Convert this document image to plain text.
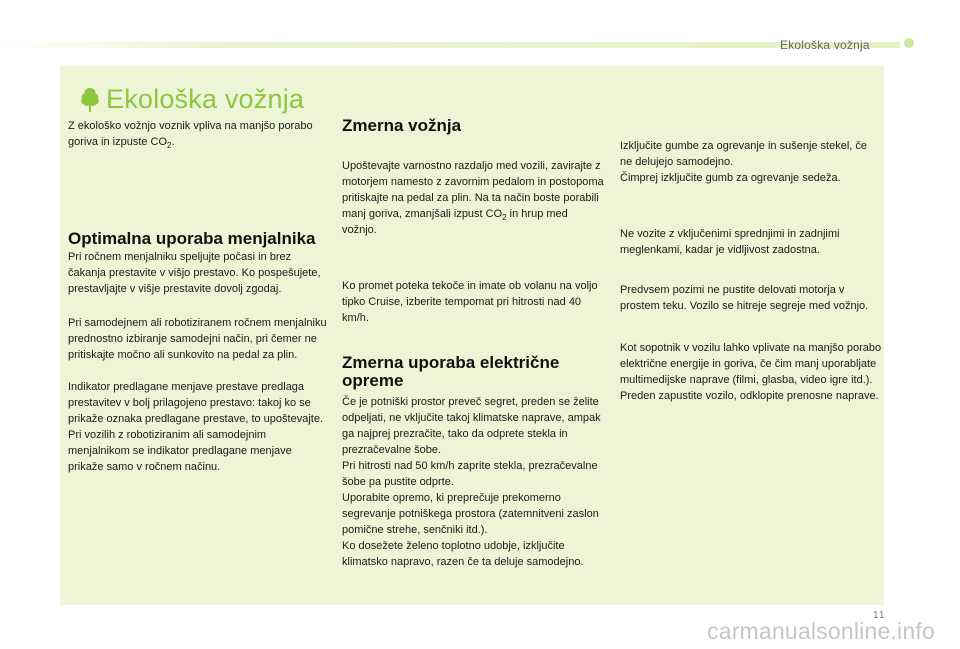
Ekološka vožnja
Ekološka vožnja

Z ekološko vožnjo voznik vpliva na manjšo porabo goriva in izpuste $CO_2$.

Optimalna uporaba menjalnika

Pri ročnem menjalniku speljujte počasi in brez čakanja prestavite v višjo prestavo. Ko pospešujete, prestavljajte v višje prestavite dovolj zgodaj.

Pri samodejnem ali robotiziranem ročnem menjalniku prednostno izbiranje samodejni način, pri čemer ne pritiskajte močno ali sunkovito na pedal za plin.

Indikator predlagane menjave prestave predlaga prestavitev v bolj prilagojeno prestavo: takoj ko se prikaže oznaka predlagane prestave, to upoštevajte.

Pri vozilih z robotiziranim ali samodejnim menjalnikom se indikator predlagane menjave prikaže samo v ročnem načinu.

Zmerna vožnja

Upoštevajte varnostno razdaljo med vozili, zavirajte z motorjem namesto z zavornim pedalom in postopoma pritiskajte na pedal za plin. Na ta način boste porabili manj goriva, zmanjšali izpust $CO_2$ in hrup med vožnjo.

Ko promet poteka tekoče in imate ob volanu na voljo tipko Cruise, izberite tempomat pri hitrosti nad 40 km/h.

Zmerna uporaba električne opreme

Če je potniški prostor preveč segret, preden se želite odpeljati, ne vključite takoj klimatske naprave, ampak ga najprej prezračite, tako da odprete stekla in prezračevalne šobe.

Pri hitrosti nad 50 km/h zaprite stekla, prezračevalne šobe pa pustite odprte.

Uporabite opremo, ki preprečuje prekomerno segrevanje potniškega prostora (zatemnitveni zaslon pomične strehe, senčniki itd.).

Ko dosežete želeno toplotno udobje, izključite klimatsko napravo, razen če ta deluje samodejno.

Izključite gumbe za ogrevanje in sušenje stekel, če ne delujejo samodejno.

Čimprej izključite gumb za ogrevanje sedeža.

Ne vozite z vključenimi sprednjimi in zadnjimi meglenkami, kadar je vidljivost zadostna.

Predvsem pozimi ne pustite delovati motorja v prostem teku. Vozilo se hitreje segreje med vožnjo.

Kot sopotnik v vozilu lahko vplivate na manjšo porabo električne energije in goriva, če čim manj uporabljate multimedijske naprave (filmi, glasba, video igre itd.).

Preden zapustite vozilo, odklopite prenosne naprave.

11
carmanualsonline.info
